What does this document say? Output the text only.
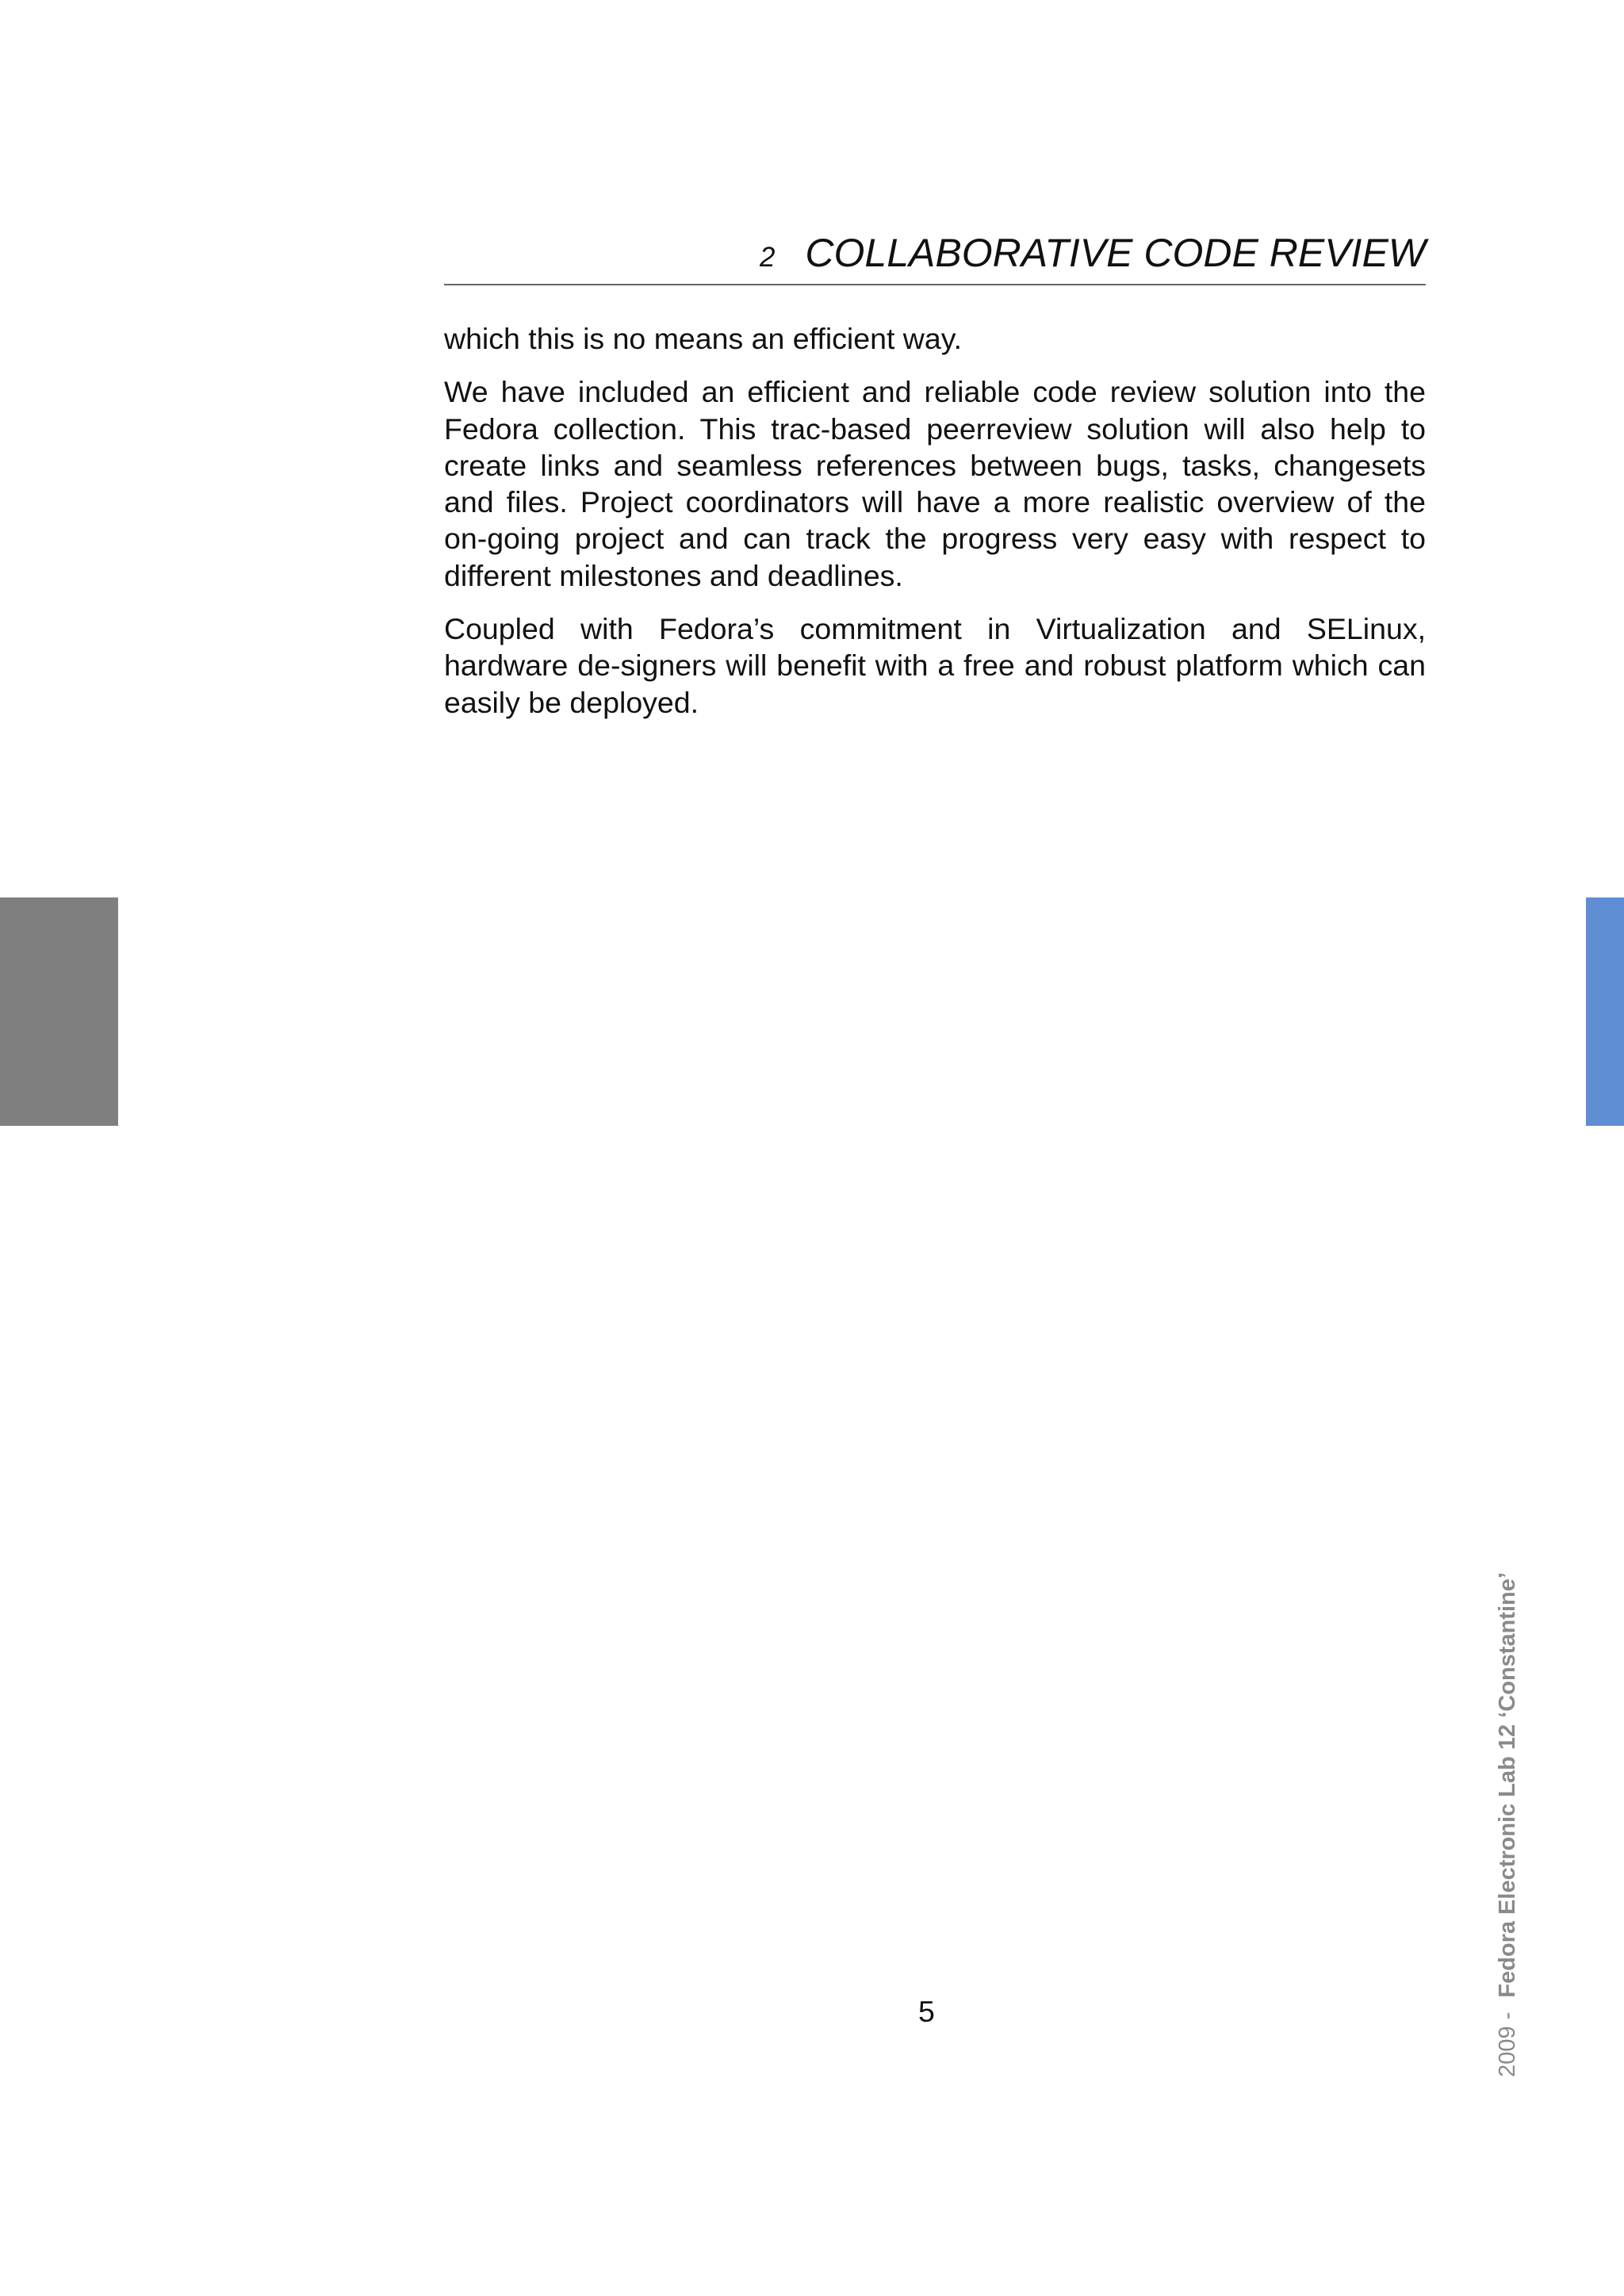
2 COLLABORATIVE CODE REVIEW

which this is no means an efficient way.

We have included an efficient and reliable code review solution into the Fedora collection. This trac-based peerreview solution will also help to create links and seamless references between bugs, tasks, changesets and files. Project coordinators will have a more realistic overview of the on-going project and can track the progress very easy with respect to different milestones and deadlines.

Coupled with Fedora’s commitment in Virtualization and SELinux, hardware de-signers will benefit with a free and robust platform which can easily be deployed.

5
2009 - Fedora Electronic Lab 12 ‘Constantine’
